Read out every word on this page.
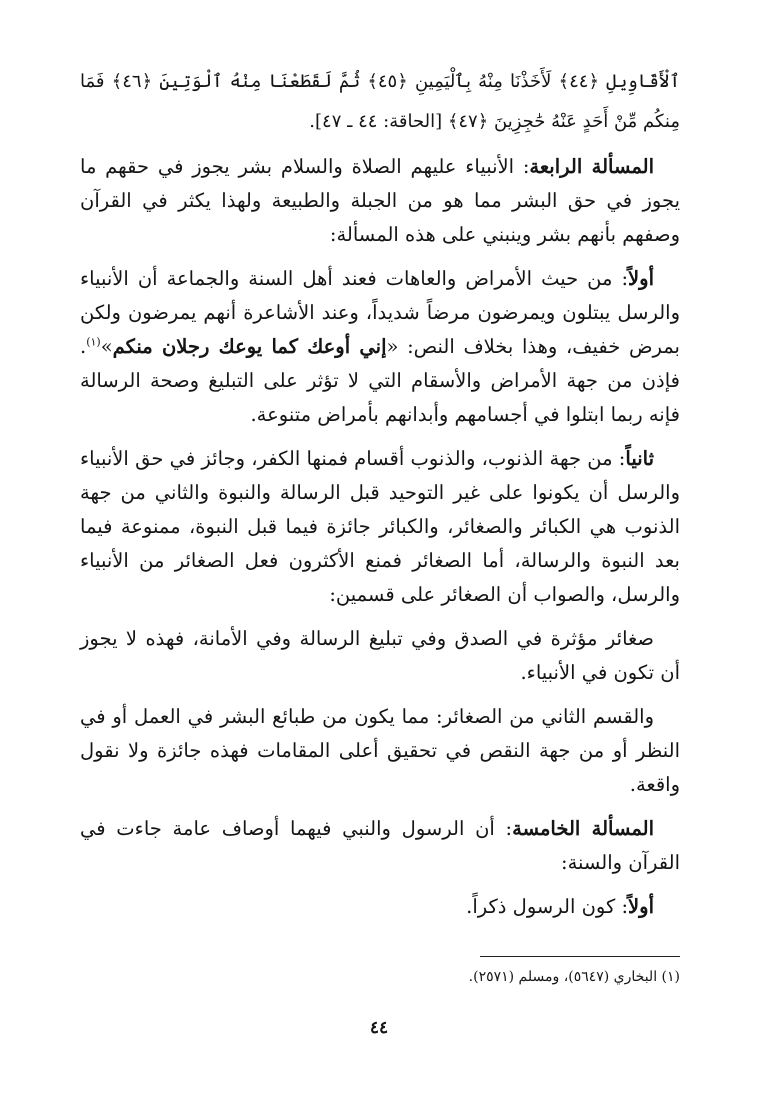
ٱلْأَقَاوِيلِ ﴿٤٤﴾ لَأَخَذْنَا مِنْهُ بِٱلْيَمِينِ ﴿٤٥﴾ ثُمَّ لَقَطَعْنَا مِنْهُ ٱلْوَتِينَ ﴿٤٦﴾ فَمَا مِنكُم مِّنْ أَحَدٍ عَنْهُ حَٰجِزِينَ ﴿٤٧﴾ [الحاقة: ٤٤ ـ ٤٧].

المسألة الرابعة: الأنبياء عليهم الصلاة والسلام بشر يجوز في حقهم ما يجوز في حق البشر مما هو من الجبلة والطبيعة ولهذا يكثر في القرآن وصفهم بأنهم بشر وينبني على هذه المسألة:

أولاً: من حيث الأمراض والعاهات فعند أهل السنة والجماعة أن الأنبياء والرسل يبتلون ويمرضون مرضاً شديداً، وعند الأشاعرة أنهم يمرضون ولكن بمرض خفيف، وهذا بخلاف النص: «إني أوعك كما يوعك رجلان منكم»$^{(١)}$. فإذن من جهة الأمراض والأسقام التي لا تؤثر على التبليغ وصحة الرسالة فإنه ربما ابتلوا في أجسامهم وأبدانهم بأمراض متنوعة.

ثانياً: من جهة الذنوب، والذنوب أقسام فمنها الكفر، وجائز في حق الأنبياء والرسل أن يكونوا على غير التوحيد قبل الرسالة والنبوة والثاني من جهة الذنوب هي الكبائر والصغائر، والكبائر جائزة فيما قبل النبوة، ممنوعة فيما بعد النبوة والرسالة، أما الصغائر فمنع الأكثرون فعل الصغائر من الأنبياء والرسل، والصواب أن الصغائر على قسمين:

صغائر مؤثرة في الصدق وفي تبليغ الرسالة وفي الأمانة، فهذه لا يجوز أن تكون في الأنبياء.

والقسم الثاني من الصغائر: مما يكون من طبائع البشر في العمل أو في النظر أو من جهة النقص في تحقيق أعلى المقامات فهذه جائزة ولا نقول واقعة.

المسألة الخامسة: أن الرسول والنبي فيهما أوصاف عامة جاءت في القرآن والسنة:

أولاً: كون الرسول ذكراً.

(١) البخاري (٥٦٤٧)، ومسلم (٢٥٧١).

٤٤
